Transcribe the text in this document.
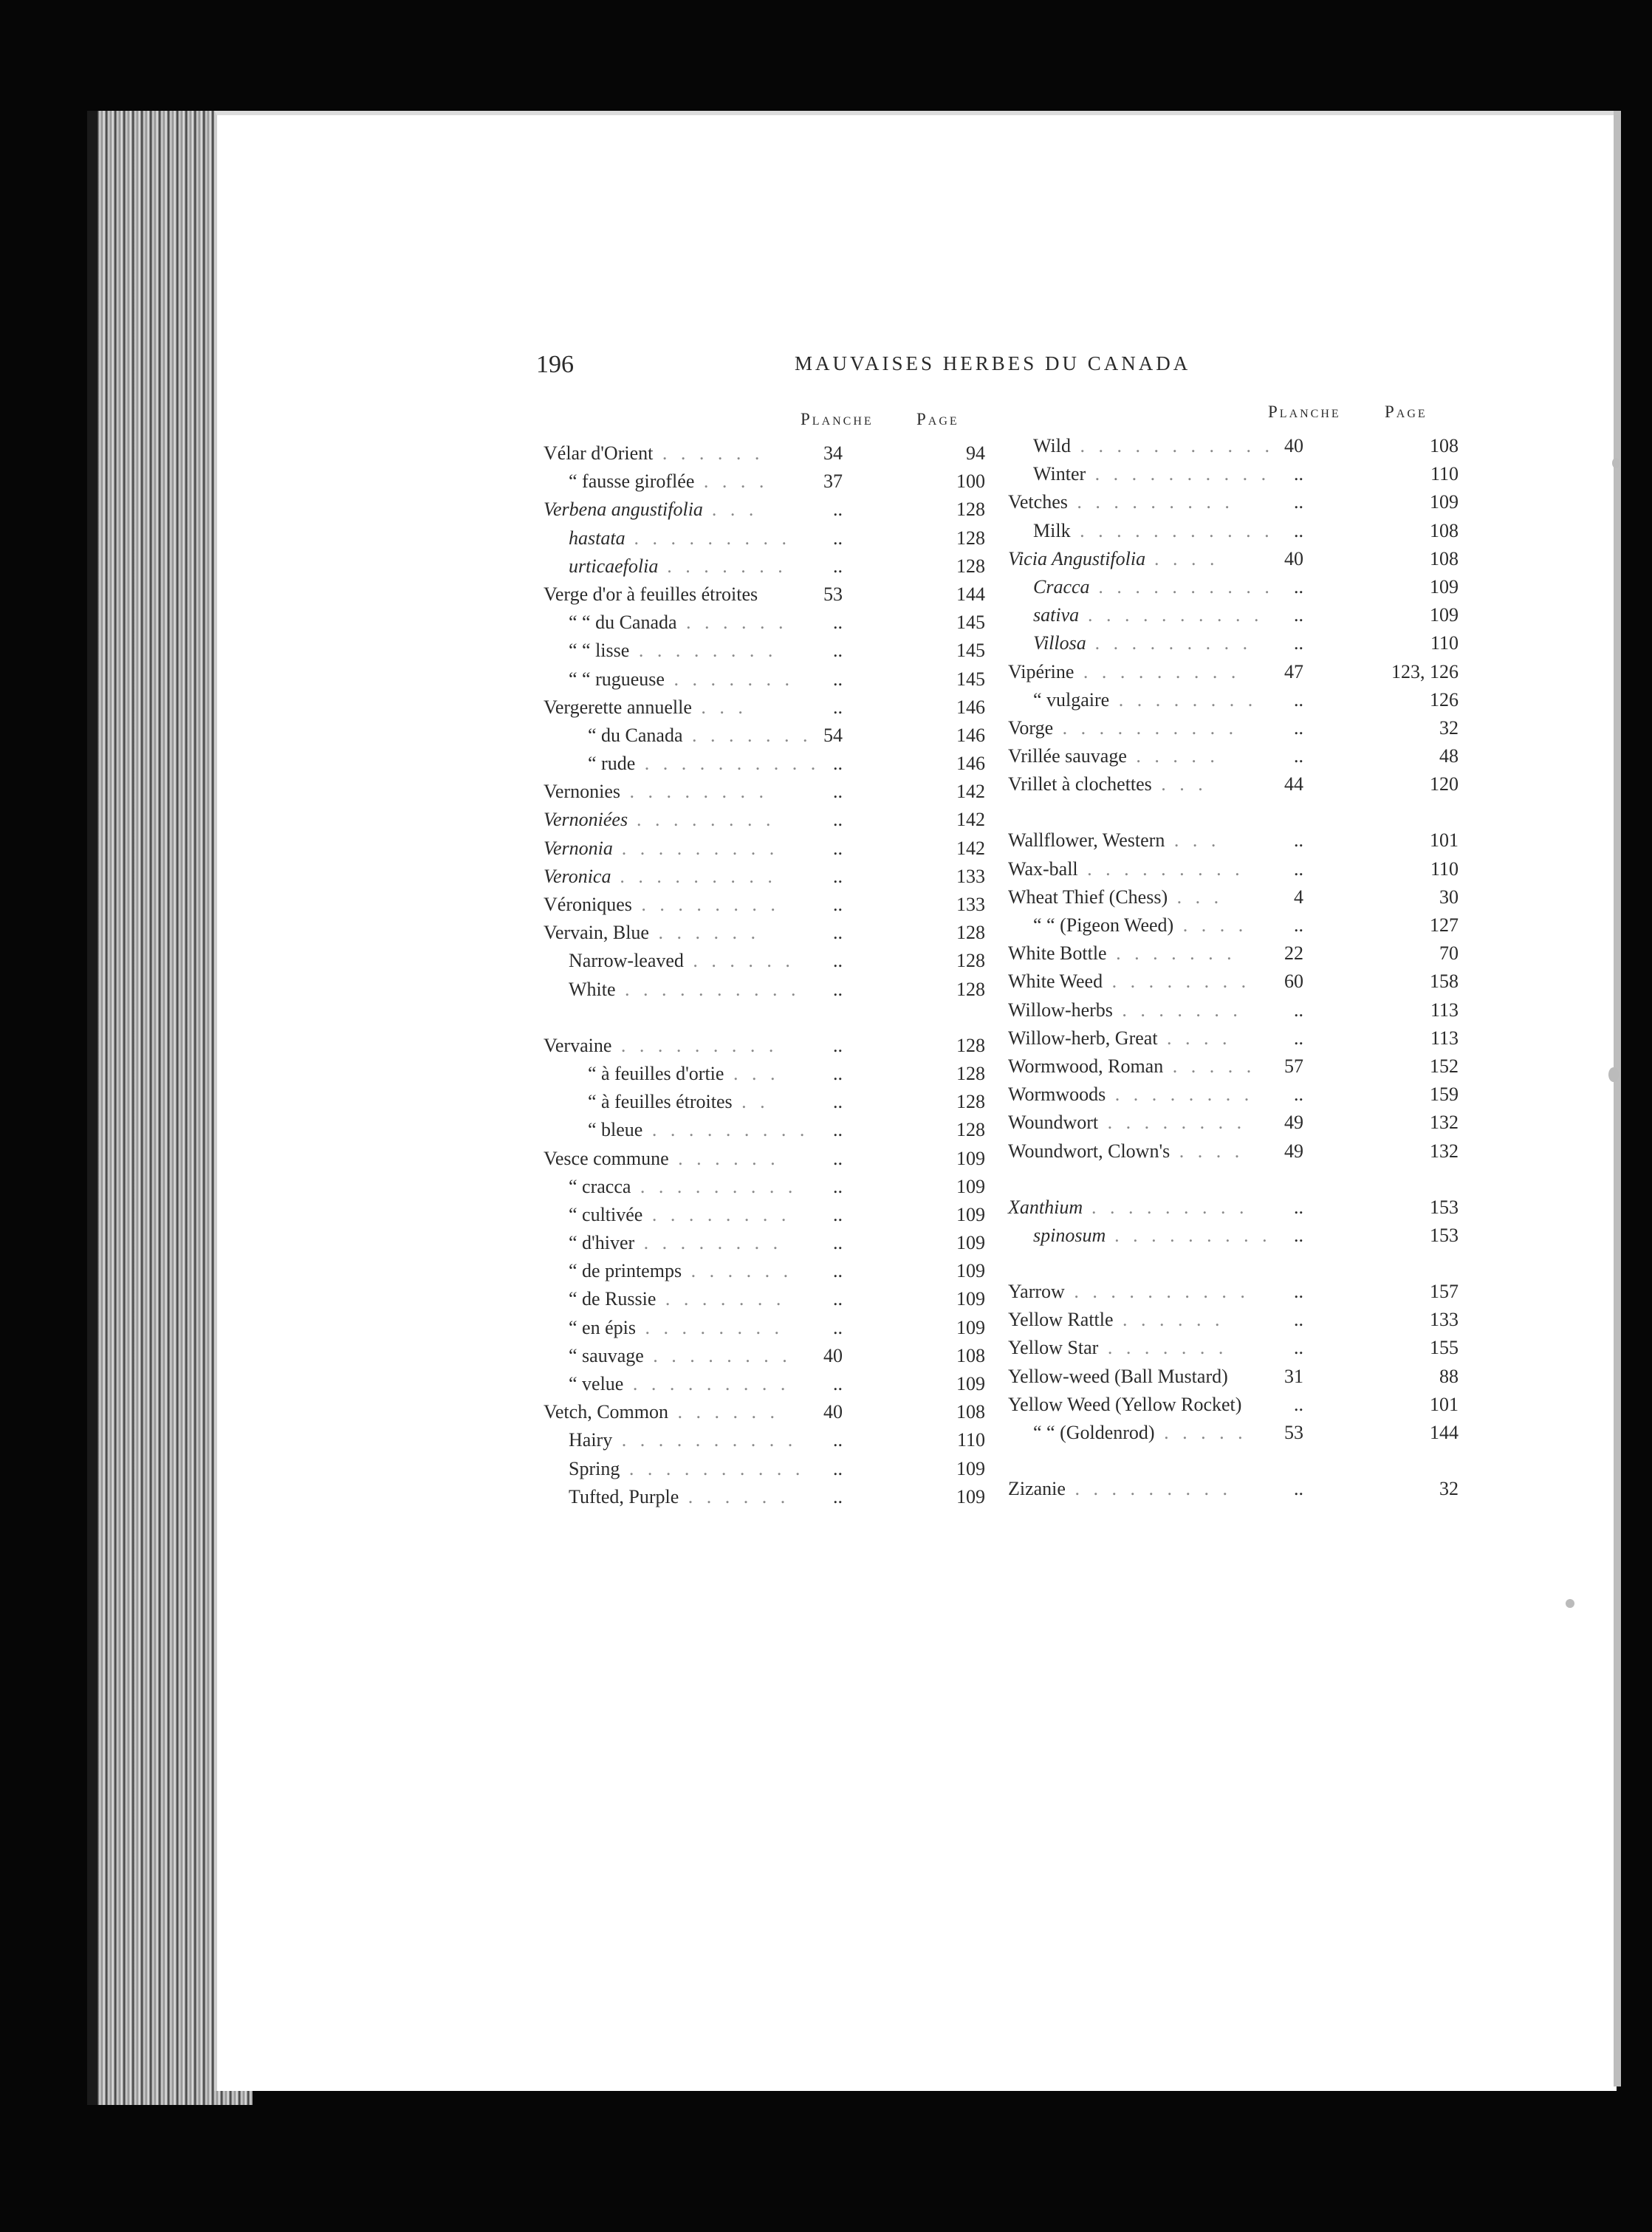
196	MAUVAISES HERBES DU CANADA
Planche	Page
Vélar d'Orient . . . . . .	34	94
“ fausse giroflée . . . .	37	100
Verbena angustifolia . . .	..	128
hastata . . . . . . . . .	..	128
urticaefolia . . . . . . .	..	128
Verge d'or à feuilles étroites	53	144
“ “ du Canada . . . . . .	..	145
“ “ lisse . . . . . . . .	..	145
“ “ rugueuse . . . . . . .	..	145
Vergerette annuelle . . .	..	146
“ du Canada . . . . . . . 54	146
“ rude . . . . . . . . . . ..	146
Vernonies . . . . . . . .	..	142
Vernoniées . . . . . . . .	..	142
Vernonia . . . . . . . . .	..	142
Veronica . . . . . . . . .	..	133
Véroniques . . . . . . . .	..	133
Vervain, Blue . . . . . .	..	128
Narrow-leaved . . . . . .	..	128
White . . . . . . . . . .	..	128
Vervaine . . . . . . . . .	..	128
“ à feuilles d'ortie . . .	..	128
“ à feuilles étroites . .	..	128
“ bleue . . . . . . . . .	..	128
Vesce commune . . . . . .	..	109
“ cracca . . . . . . . . .	..	109
“ cultivée . . . . . . . .	..	109
“ d'hiver . . . . . . . .	..	109
“ de printemps . . . . . .	..	109
“ de Russie . . . . . . .	..	109
“ en épis . . . . . . . .	..	109
“ sauvage . . . . . . . .	40	108
“ velue . . . . . . . . .	..	109
Vetch, Common . . . . . .	40	108
Hairy . . . . . . . . . .	..	110
Spring . . . . . . . . . .	..	109
Tufted, Purple . . . . . .	..	109
Planche	Page
Wild . . . . . . . . . . . 40	108
Winter . . . . . . . . . .	..	110
Vetches . . . . . . . . .	..	109
Milk . . . . . . . . . . .	..	108
Vicia Angustifolia . . . .	40	108
Cracca . . . . . . . . . .	..	109
sativa . . . . . . . . . .	..	109
Villosa . . . . . . . . .	..	110
Vipérine . . . . . . . . .	47	123, 126
“ vulgaire . . . . . . . .	..	126
Vorge . . . . . . . . . .	..	32
Vrillée sauvage . . . . .	..	48
Vrillet à clochettes . . .	44	120
Wallflower, Western . . .	..	101
Wax-ball . . . . . . . . .	..	110
Wheat Thief (Chess) . . .	4	30
“ “ (Pigeon Weed) . . . .	..	127
White Bottle . . . . . . .	22	70
White Weed . . . . . . . .	60	158
Willow-herbs . . . . . . .	..	113
Willow-herb, Great . . . .	..	113
Wormwood, Roman . . . . .	57	152
Wormwoods . . . . . . . .	..	159
Woundwort . . . . . . . .	49	132
Woundwort, Clown's . . . .	49	132
Xanthium . . . . . . . . .	..	153
spinosum . . . . . . . . .	..	153
Yarrow . . . . . . . . . .	..	157
Yellow Rattle . . . . . .	..	133
Yellow Star . . . . . . .	..	155
Yellow-weed (Ball Mustard)	31	88
Yellow Weed (Yellow Rocket)	..	101
“ “ (Goldenrod) . . . . .	53	144
Zizanie . . . . . . . . .	..	32
